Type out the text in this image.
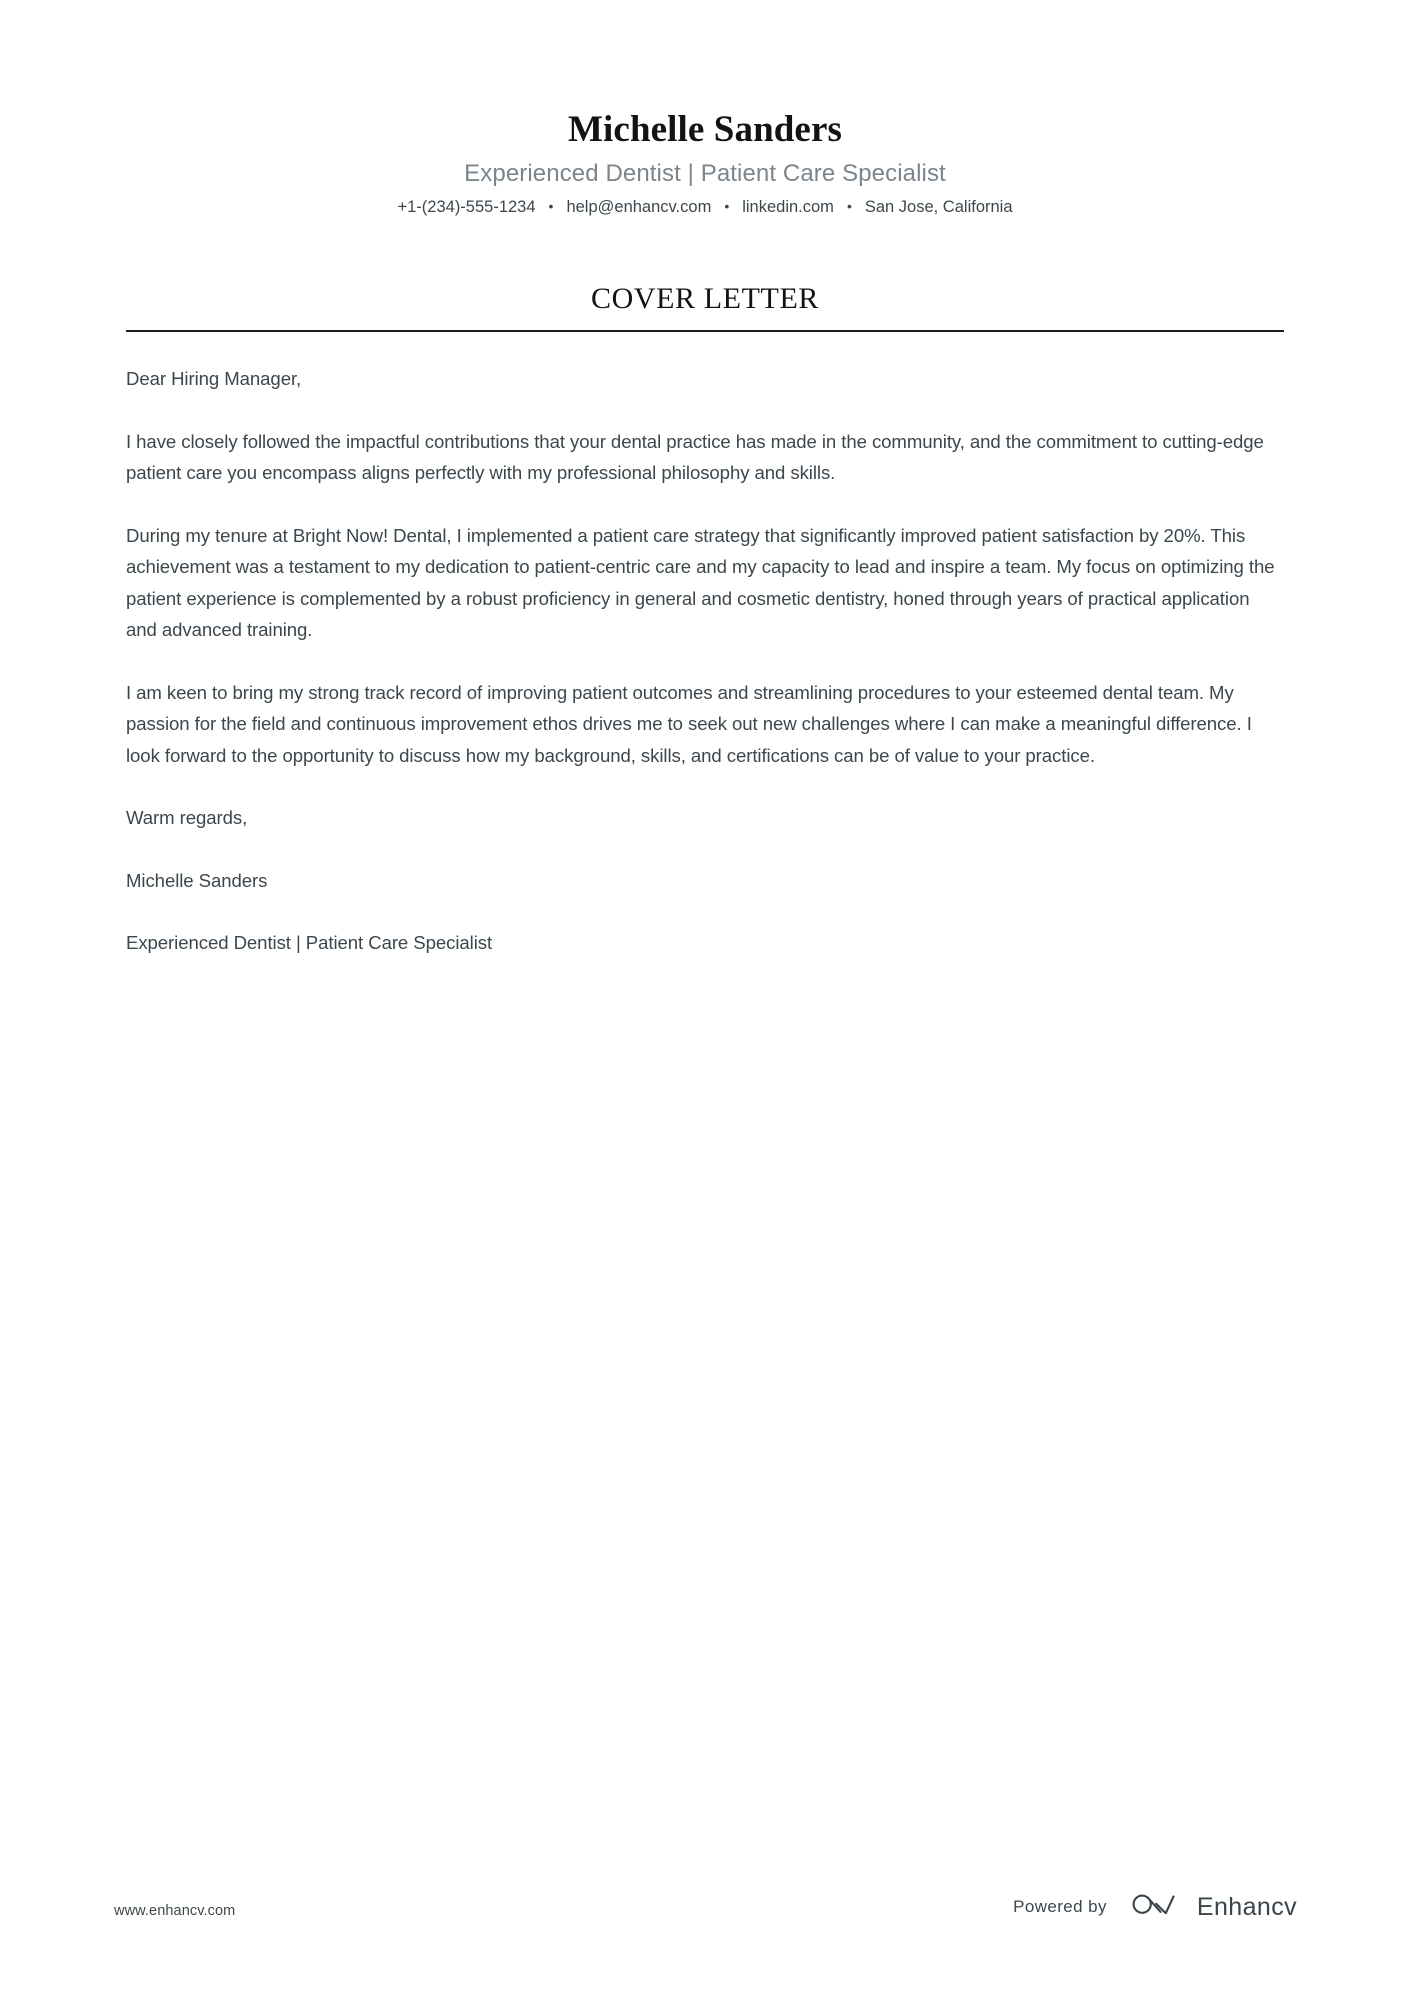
Michelle Sanders
Experienced Dentist | Patient Care Specialist
+1-(234)-555-1234 • help@enhancv.com • linkedin.com • San Jose, California
COVER LETTER

Dear Hiring Manager,

I have closely followed the impactful contributions that your dental practice has made in the community, and the commitment to cutting-edge patient care you encompass aligns perfectly with my professional philosophy and skills.

During my tenure at Bright Now! Dental, I implemented a patient care strategy that significantly improved patient satisfaction by 20%. This achievement was a testament to my dedication to patient-centric care and my capacity to lead and inspire a team. My focus on optimizing the patient experience is complemented by a robust proficiency in general and cosmetic dentistry, honed through years of practical application and advanced training.

I am keen to bring my strong track record of improving patient outcomes and streamlining procedures to your esteemed dental team. My passion for the field and continuous improvement ethos drives me to seek out new challenges where I can make a meaningful difference. I look forward to the opportunity to discuss how my background, skills, and certifications can be of value to your practice.

Warm regards,

Michelle Sanders

Experienced Dentist | Patient Care Specialist

www.enhancv.com	Powered by	Enhancv
